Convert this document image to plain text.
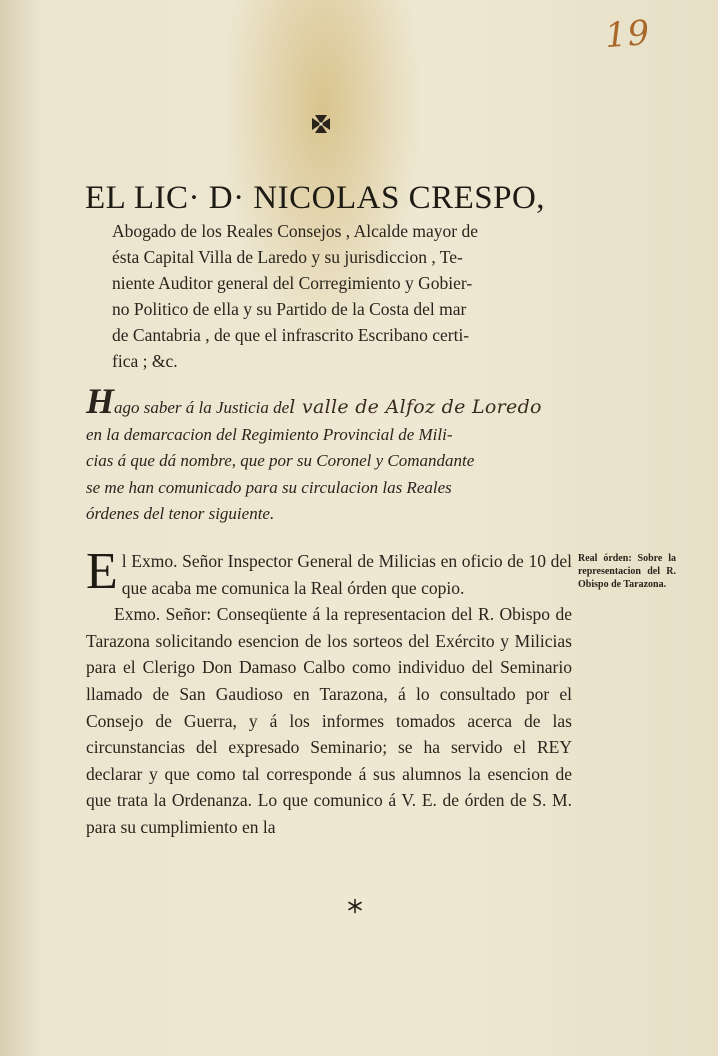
19
EL LIC· D· NICOLAS CRESPO,
Abogado de los Reales Consejos , Alcalde mayor de
ésta Capital Villa de Laredo y su jurisdiccion , Te-
niente Auditor general del Corregimiento y Gobier-
no Politico de ella y su Partido de la Costa del mar
de Cantabria , de que el infrascrito Escribano certi-
fica ; &c.
Hago saber á la Justicia del valle de Alfoz de Loredo
en la demarcacion del Regimiento Provincial de Mili-
cias á que dá nombre, que por su Coronel y Comandante
se me han comunicado para su circulacion las Reales
órdenes del tenor siguiente.

El Exmo. Señor Inspector General de Milicias en oficio de 10 del que acaba me comunica la Real órden que copio.

Exmo. Señor: Conseqüente á la representacion del R. Obispo de Tarazona solicitando esencion de los sorteos del Exército y Milicias para el Clerigo Don Damaso Calbo como individuo del Seminario llamado de San Gaudioso en Tarazona, á lo consultado por el Consejo de Guerra, y á los informes tomados acerca de las circunstancias del expresado Seminario; se ha servido el REY declarar y que como tal corresponde á sus alumnos la esencion de que trata la Ordenanza. Lo que comunico á V. E. de órden de S. M. para su cumplimiento en la

Real órden: Sobre la representacion del R. Obispo de Tarazona.
